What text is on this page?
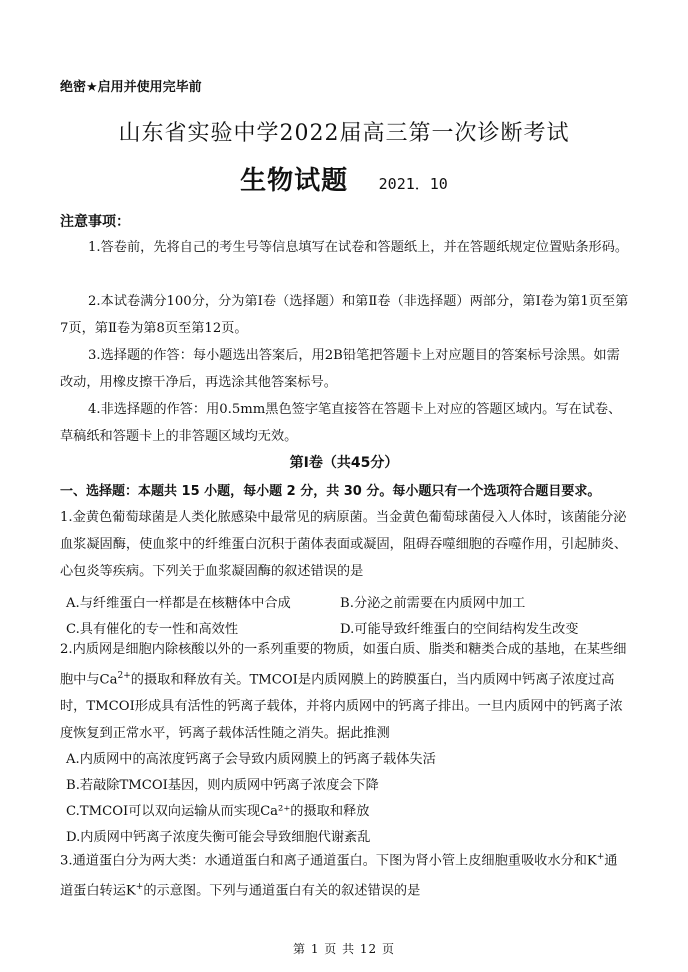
绝密★启用并使用完毕前
山东省实验中学2022届高三第一次诊断考试
生物试题 2021．10
注意事项：

1.答卷前，先将自己的考生号等信息填写在试卷和答题纸上，并在答题纸规定位置贴条形码。

2.本试卷满分100分，分为第Ⅰ卷（选择题）和第Ⅱ卷（非选择题）两部分，第Ⅰ卷为第1页至第7页，第Ⅱ卷为第8页至第12页。

3.选择题的作答：每小题选出答案后，用2B铅笔把答题卡上对应题目的答案标号涂黑。如需改动，用橡皮擦干净后，再选涂其他答案标号。

4.非选择题的作答：用0.5mm黑色签字笔直接答在答题卡上对应的答题区域内。写在试卷、草稿纸和答题卡上的非答题区域均无效。

第Ⅰ卷（共45分）
一、选择题：本题共 15 小题，每小题 2 分，共 30 分。每小题只有一个选项符合题目要求。

1.金黄色葡萄球菌是人类化脓感染中最常见的病原菌。当金黄色葡萄球菌侵入人体时，该菌能分泌血浆凝固酶，使血浆中的纤维蛋白沉积于菌体表面或凝固，阻碍吞噬细胞的吞噬作用，引起肺炎、心包炎等疾病。下列关于血浆凝固酶的叙述错误的是

A.与纤维蛋白一样都是在核糖体中合成	B.分泌之前需要在内质网中加工
C.具有催化的专一性和高效性	D.可能导致纤维蛋白的空间结构发生改变

2.内质网是细胞内除核酸以外的一系列重要的物质，如蛋白质、脂类和糖类合成的基地，在某些细胞中与$Ca^{2+}$的摄取和释放有关。TMCOI是内质网膜上的跨膜蛋白，当内质网中钙离子浓度过高时，TMCOI形成具有活性的钙离子载体，并将内质网中的钙离子排出。一旦内质网中的钙离子浓度恢复到正常水平，钙离子载体活性随之消失。据此推测

A.内质网中的高浓度钙离子会导致内质网膜上的钙离子载体失活
B.若敲除TMCOI基因，则内质网中钙离子浓度会下降
C.TMCOI可以双向运输从而实现Ca²⁺的摄取和释放
D.内质网中钙离子浓度失衡可能会导致细胞代谢紊乱

3.通道蛋白分为两大类：水通道蛋白和离子通道蛋白。下图为肾小管上皮细胞重吸收水分和K+通道蛋白转运K+的示意图。下列与通道蛋白有关的叙述错误的是

第 1 页 共 12 页
